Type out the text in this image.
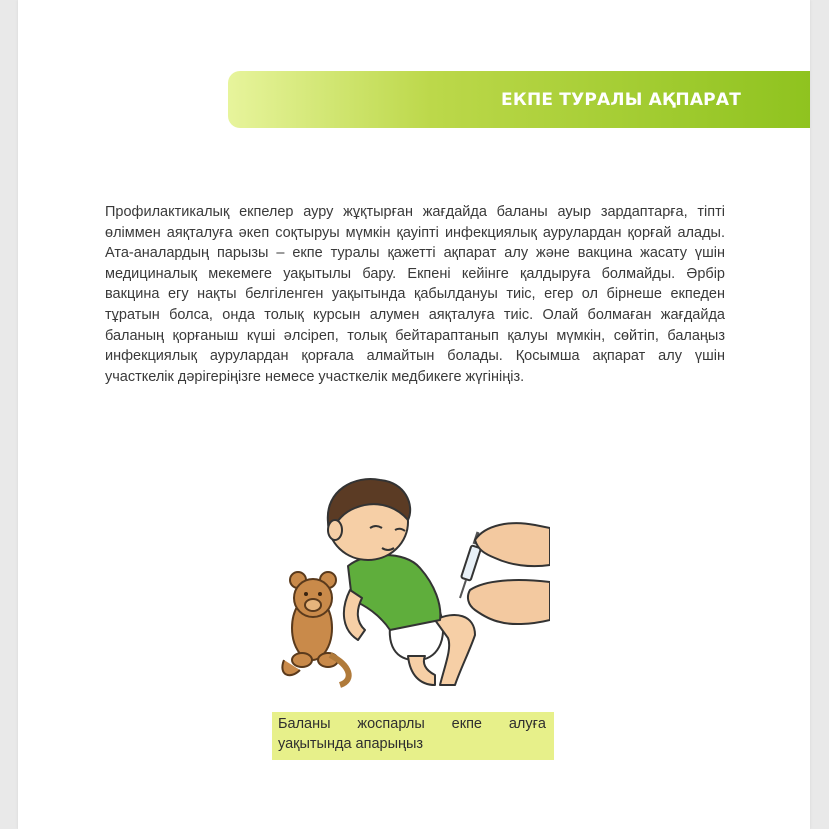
ЕКПЕ ТУРАЛЫ АҚПАРАТ
Профилактикалық екпелер ауру жұқтырған жағдайда баланы ауыр зардаптарға, тіпті өліммен аяқталуға әкеп соқтыруы мүмкін қауіпті инфекциялық аурулардан қорғай алады. Ата-аналардың парызы – екпе туралы қажетті ақпарат алу және вакцина жасату үшін медициналық мекемеге уақытылы бару. Екпені кейінге қалдыруға болмайды. Әрбір вакцина егу нақты белгіленген уақытында қабылдануы тиіс, егер ол бірнеше екпеден тұратын болса, онда толық курсын алумен аяқталуға тиіс. Олай болмаған жағдайда баланың қорғаныш күші әлсіреп, толық бейтараптанып қалуы мүмкін, сөйтіп, балаңыз инфекциялық аурулардан қорғала алмайтын болады. Қосымша ақпарат алу үшін участкелік дәрігеріңізге немесе участкелік медбикеге жүгініңіз.
Баланы жоспарлы екпе алуға уақытында апарыңыз
